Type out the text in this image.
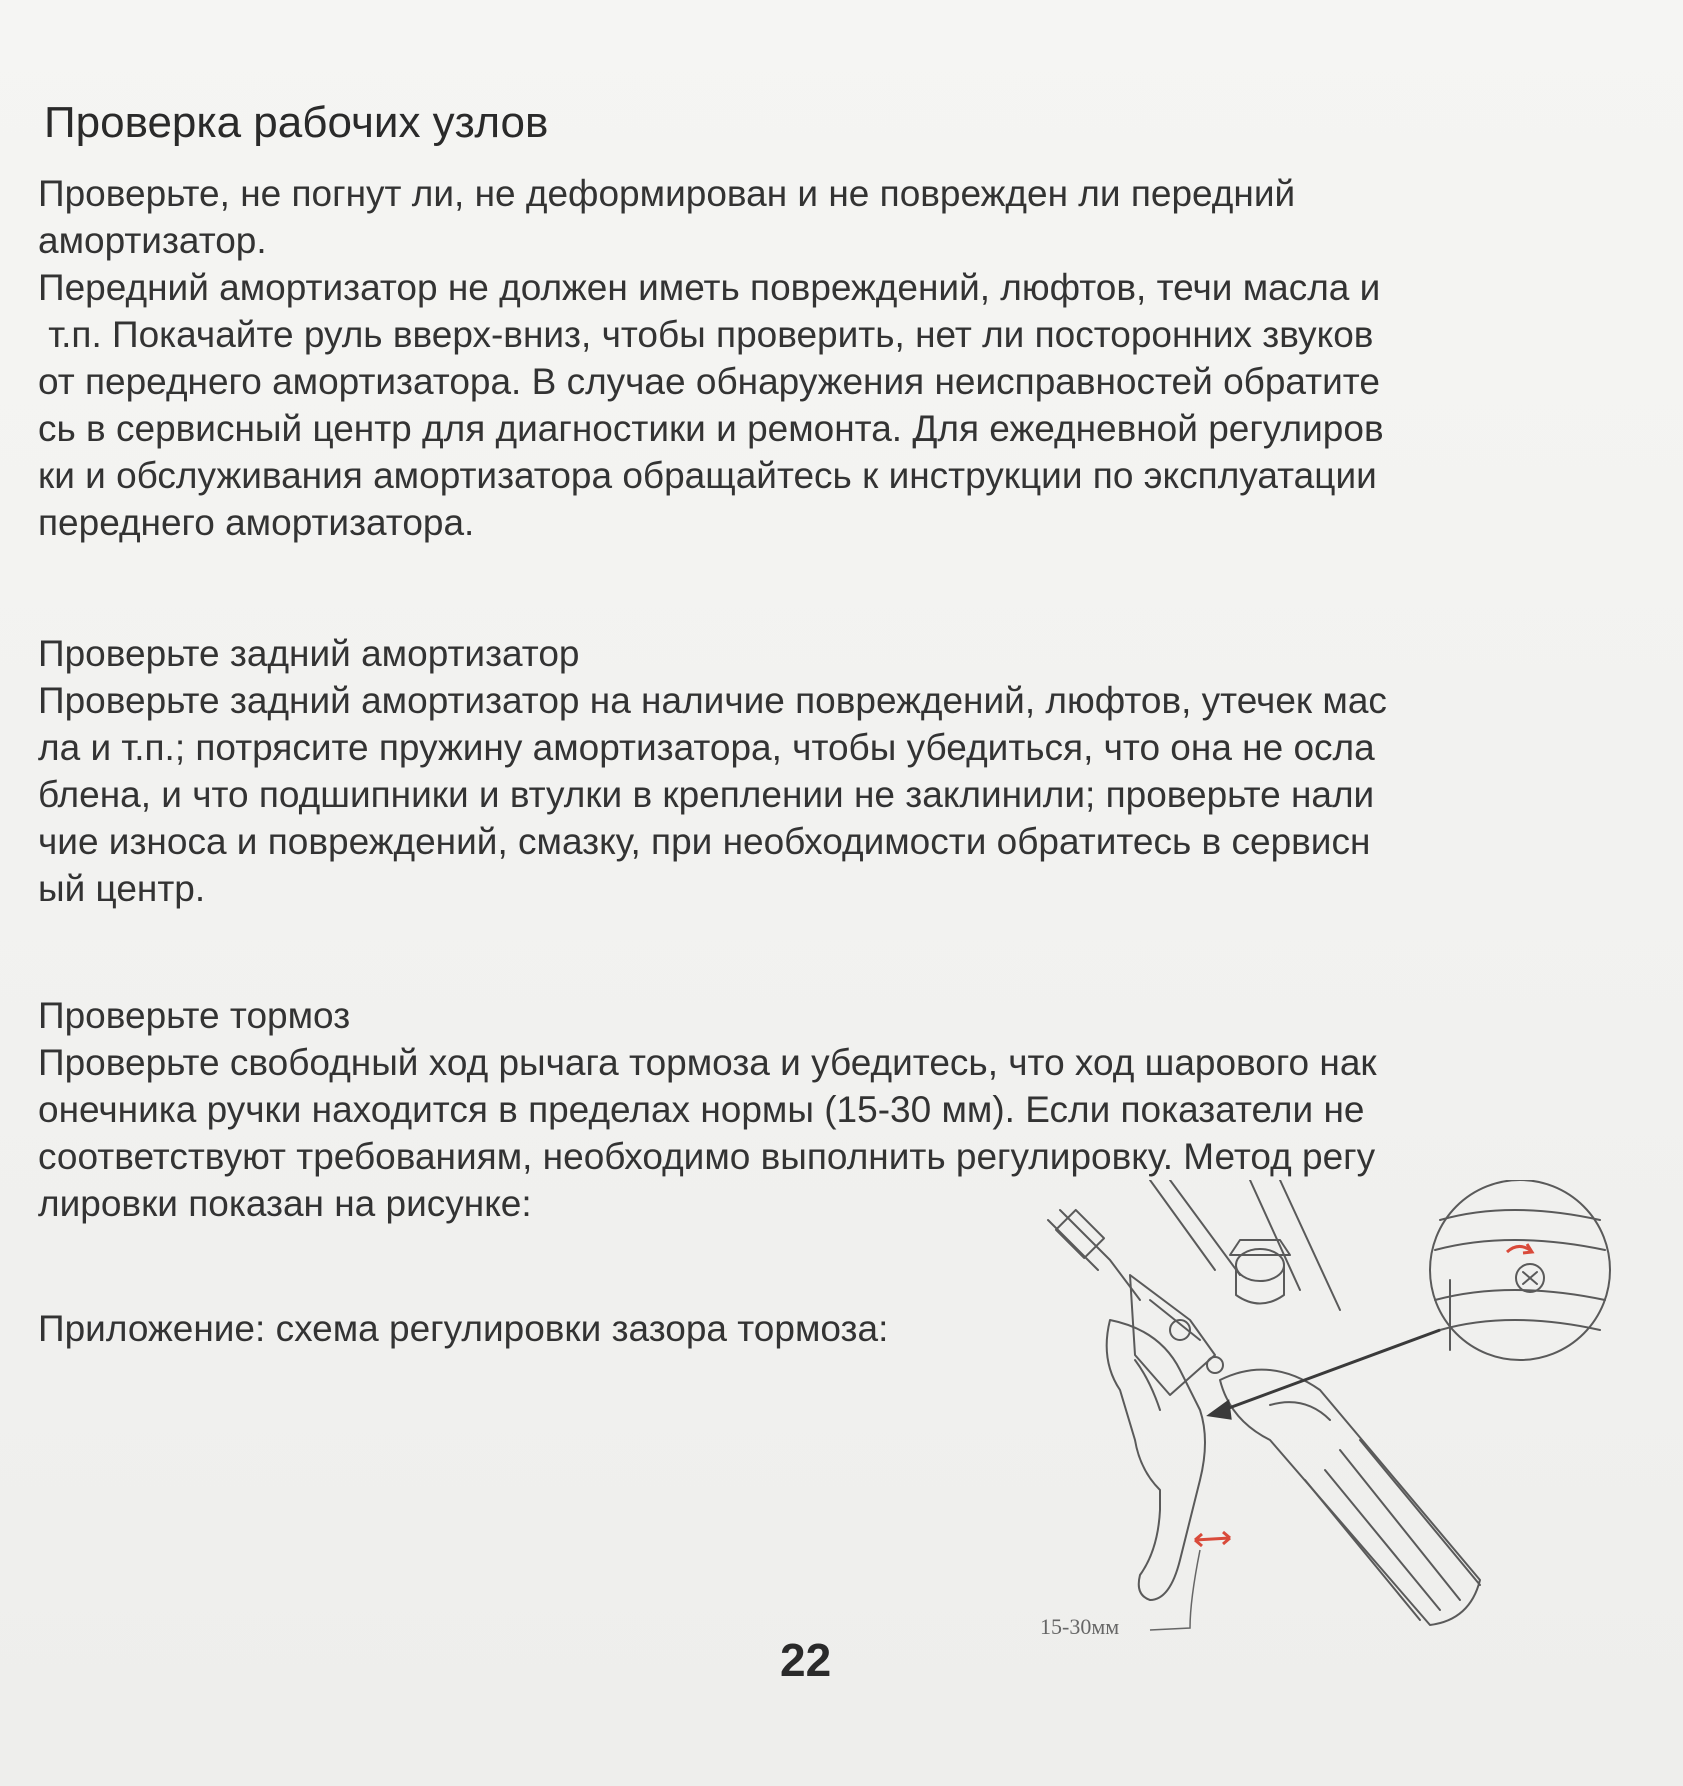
Проверка рабочих узлов

Проверьте, не погнут ли, не деформирован и не поврежден ли передний

амортизатор.

Передний амортизатор не должен иметь повреждений, люфтов, течи масла и

т.п. Покачайте руль вверх-вниз, чтобы проверить, нет ли посторонних звуков

от переднего амортизатора. В случае обнаружения неисправностей обратите

сь в сервисный центр для диагностики и ремонта. Для ежедневной регулиров

ки и обслуживания амортизатора обращайтесь к инструкции по эксплуатации

переднего амортизатора.

Проверьте задний амортизатор

Проверьте задний амортизатор на наличие повреждений, люфтов, утечек мас

ла и т.п.; потрясите пружину амортизатора, чтобы убедиться, что она не осла

блена, и что подшипники и втулки в креплении не заклинили; проверьте нали

чие износа и повреждений, смазку, при необходимости обратитесь в сервисн

ый центр.

Проверьте тормоз

Проверьте свободный ход рычага тормоза и убедитесь, что ход шарового нак

онечника ручки находится в пределах нормы (15-30 мм). Если показатели не

соответствуют требованиям, необходимо выполнить регулировку. Метод регу

лировки показан на рисунке:

Приложение: схема регулировки зазора тормоза:

15-30мм
22
